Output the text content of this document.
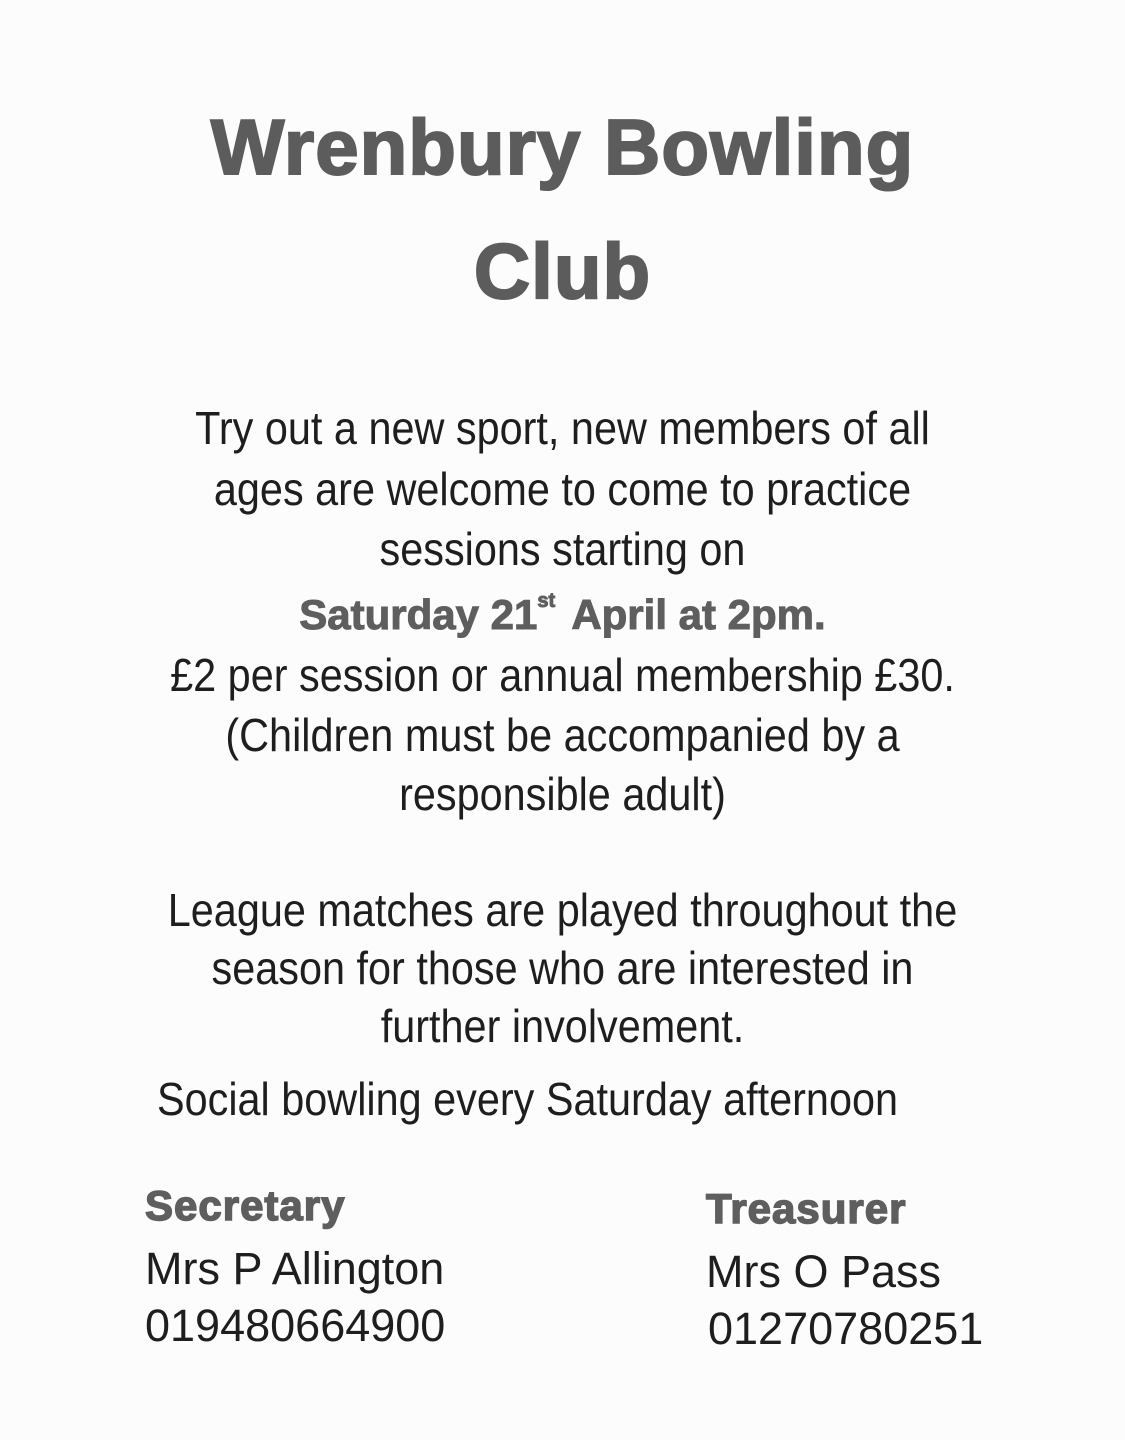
Wrenbury Bowling
Club
Try out a new sport, new members of all
ages are welcome to come to practice
sessions starting on
Saturday 21st April at 2pm.
£2 per session or annual membership £30.
(Children must be accompanied by a
responsible adult)
League matches are played throughout the
season for those who are interested in
further involvement.
Social bowling every Saturday afternoon
Secretary
Mrs P Allington
019480664900
Treasurer
Mrs O Pass
01270780251
